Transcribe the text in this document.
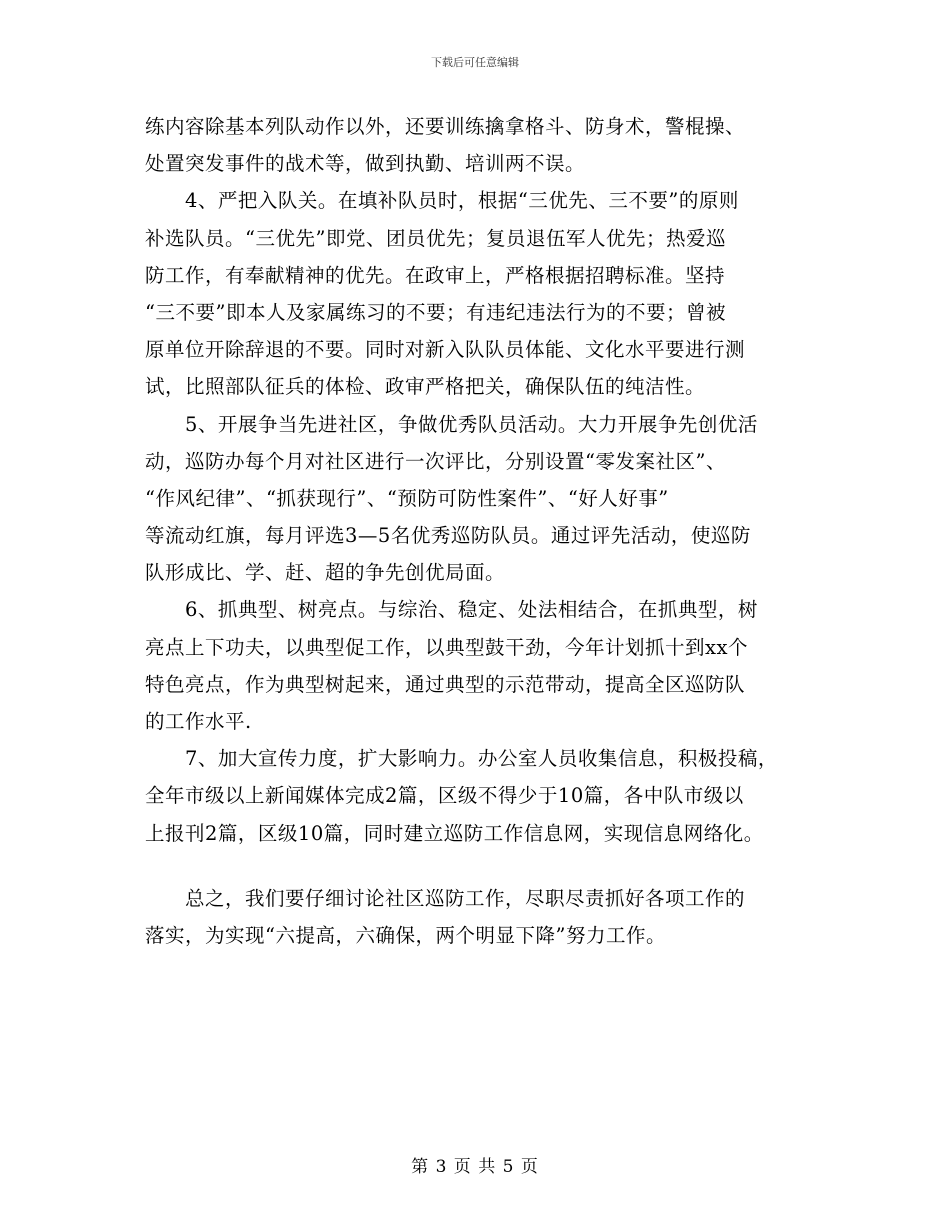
下载后可任意编辑
练内容除基本列队动作以外，还要训练擒拿格斗、防身术，警棍操、
处置突发事件的战术等，做到执勤、培训两不误。
4、严把入队关。在填补队员时，根据“三优先、三不要”的原则
补选队员。“三优先”即党、团员优先；复员退伍军人优先；热爱巡
防工作，有奉献精神的优先。在政审上，严格根据招聘标准。坚持
“三不要”即本人及家属练习的不要；有违纪违法行为的不要；曾被
原单位开除辞退的不要。同时对新入队队员体能、文化水平要进行测
试，比照部队征兵的体检、政审严格把关，确保队伍的纯洁性。
5、开展争当先进社区，争做优秀队员活动。大力开展争先创优活
动，巡防办每个月对社区进行一次评比，分别设置“零发案社区”、
“作风纪律”、“抓获现行”、“预防可防性案件”、“好人好事”
等流动红旗，每月评选3—5名优秀巡防队员。通过评先活动，使巡防
队形成比、学、赶、超的争先创优局面。
6、抓典型、树亮点。与综治、稳定、处法相结合，在抓典型，树
亮点上下功夫，以典型促工作，以典型鼓干劲，今年计划抓十到xx个
特色亮点，作为典型树起来，通过典型的示范带动，提高全区巡防队
的工作水平.
7、加大宣传力度，扩大影响力。办公室人员收集信息，积极投稿，
全年市级以上新闻媒体完成2篇，区级不得少于10篇，各中队市级以
上报刊2篇，区级10篇，同时建立巡防工作信息网，实现信息网络化。
总之，我们要仔细讨论社区巡防工作，尽职尽责抓好各项工作的
落实，为实现“六提高，六确保，两个明显下降”努力工作。
第 3 页 共 5 页
